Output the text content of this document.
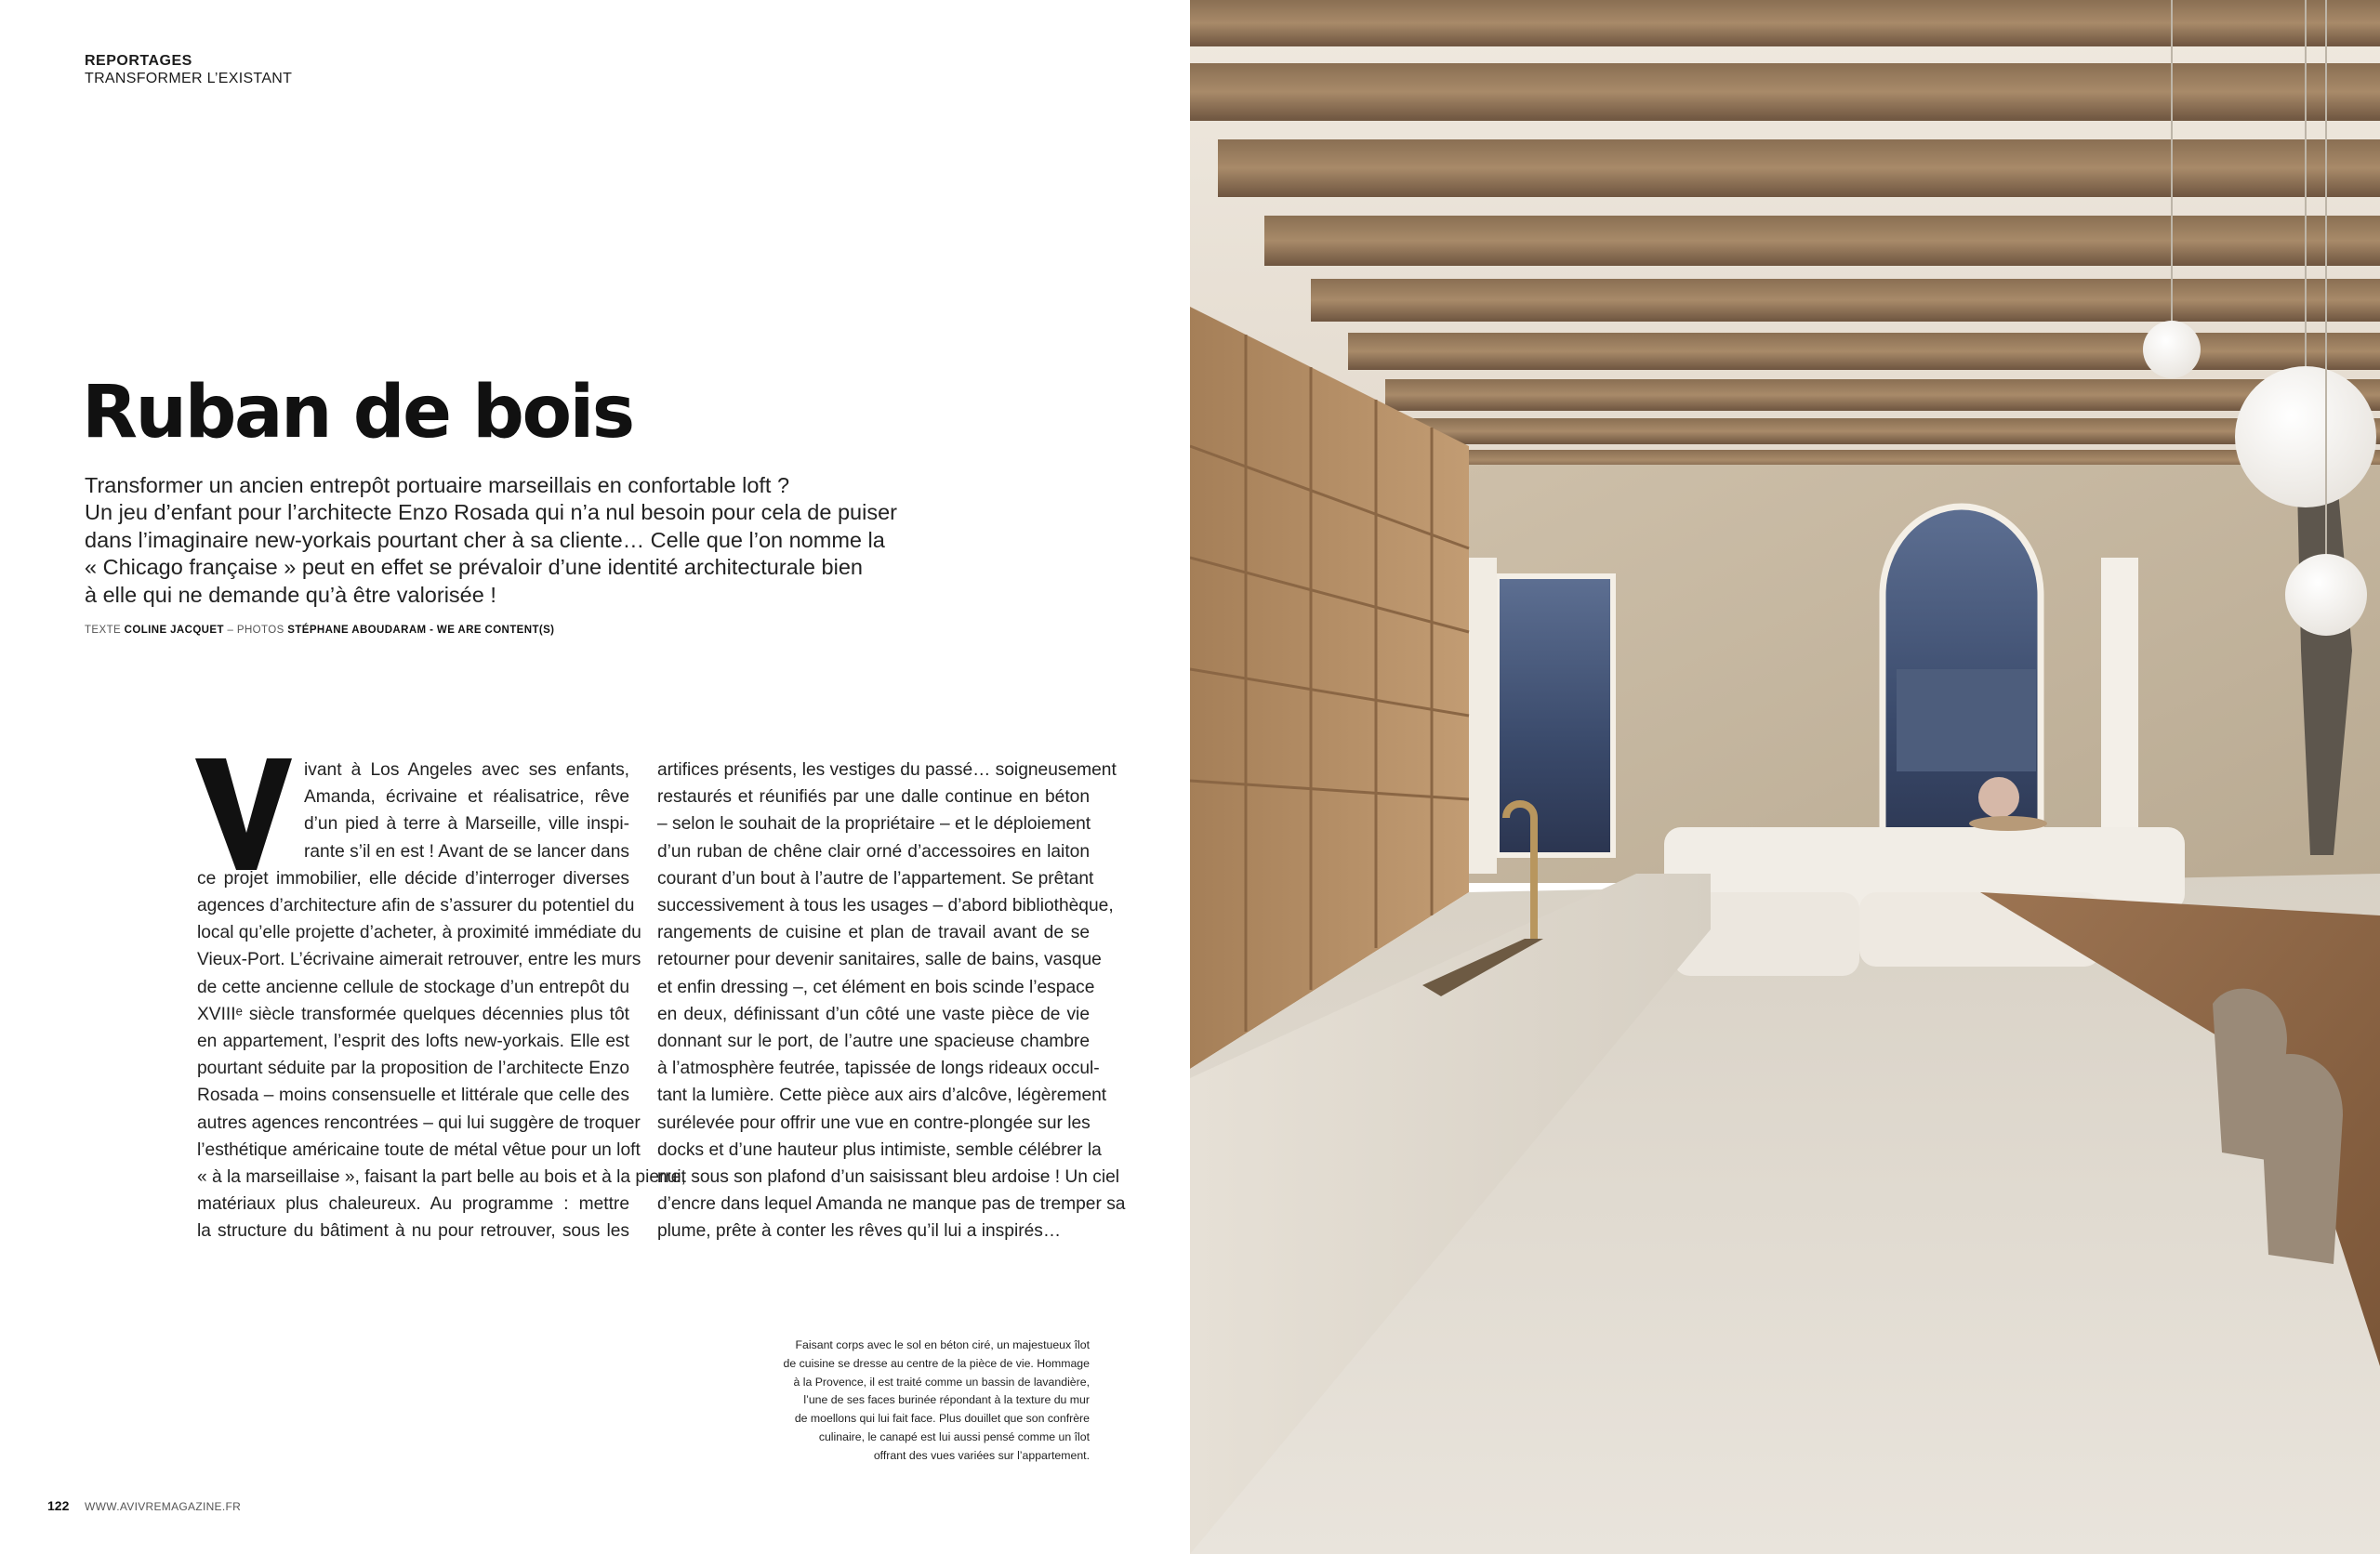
REPORTAGES
TRANSFORMER L’EXISTANT
Ruban de bois

Transformer un ancien entrepôt portuaire marseillais en confortable loft ?

Un jeu d’enfant pour l’architecte Enzo Rosada qui n’a nul besoin pour cela de puiser

dans l’imaginaire new-yorkais pourtant cher à sa cliente… Celle que l’on nomme la

« Chicago française » peut en effet se prévaloir d’une identité architecturale bien

à elle qui ne demande qu’à être valorisée !

TEXTE COLINE JACQUET – PHOTOS STÉPHANE ABOUDARAM - WE ARE CONTENT(S)

ivant à Los Angeles avec ses enfants,

Amanda, écrivaine et réalisatrice, rêve

d’un pied à terre à Marseille, ville inspi-

rante s’il en est ! Avant de se lancer dans

ce projet immobilier, elle décide d’interroger diverses

agences d’architecture afin de s’assurer du potentiel du

local qu’elle projette d’acheter, à proximité immédiate du

Vieux-Port. L’écrivaine aimerait retrouver, entre les murs

de cette ancienne cellule de stockage d’un entrepôt du

XVIIIᵉ siècle transformée quelques décennies plus tôt

en appartement, l’esprit des lofts new-yorkais. Elle est

pourtant séduite par la proposition de l’architecte Enzo

Rosada – moins consensuelle et littérale que celle des

autres agences rencontrées – qui lui suggère de troquer

l’esthétique américaine toute de métal vêtue pour un loft

« à la marseillaise », faisant la part belle au bois et à la pierre,

matériaux plus chaleureux. Au programme : mettre

la structure du bâtiment à nu pour retrouver, sous les

artifices présents, les vestiges du passé… soigneusement

restaurés et réunifiés par une dalle continue en béton

– selon le souhait de la propriétaire – et le déploiement

d’un ruban de chêne clair orné d’accessoires en laiton

courant d’un bout à l’autre de l’appartement. Se prêtant

successivement à tous les usages – d’abord bibliothèque,

rangements de cuisine et plan de travail avant de se

retourner pour devenir sanitaires, salle de bains, vasque

et enfin dressing –, cet élément en bois scinde l’espace

en deux, définissant d’un côté une vaste pièce de vie

donnant sur le port, de l’autre une spacieuse chambre

à l’atmosphère feutrée, tapissée de longs rideaux occul-

tant la lumière. Cette pièce aux airs d’alcôve, légèrement

surélevée pour offrir une vue en contre-plongée sur les

docks et d’une hauteur plus intimiste, semble célébrer la

nuit sous son plafond d’un saisissant bleu ardoise ! Un ciel

d’encre dans lequel Amanda ne manque pas de tremper sa

plume, prête à conter les rêves qu’il lui a inspirés…

Faisant corps avec le sol en béton ciré, un majestueux îlot

de cuisine se dresse au centre de la pièce de vie. Hommage

à la Provence, il est traité comme un bassin de lavandière,

l’une de ses faces burinée répondant à la texture du mur

de moellons qui lui fait face. Plus douillet que son confrère

culinaire, le canapé est lui aussi pensé comme un îlot

offrant des vues variées sur l’appartement.

122 WWW.AVIVREMAGAZINE.FR
